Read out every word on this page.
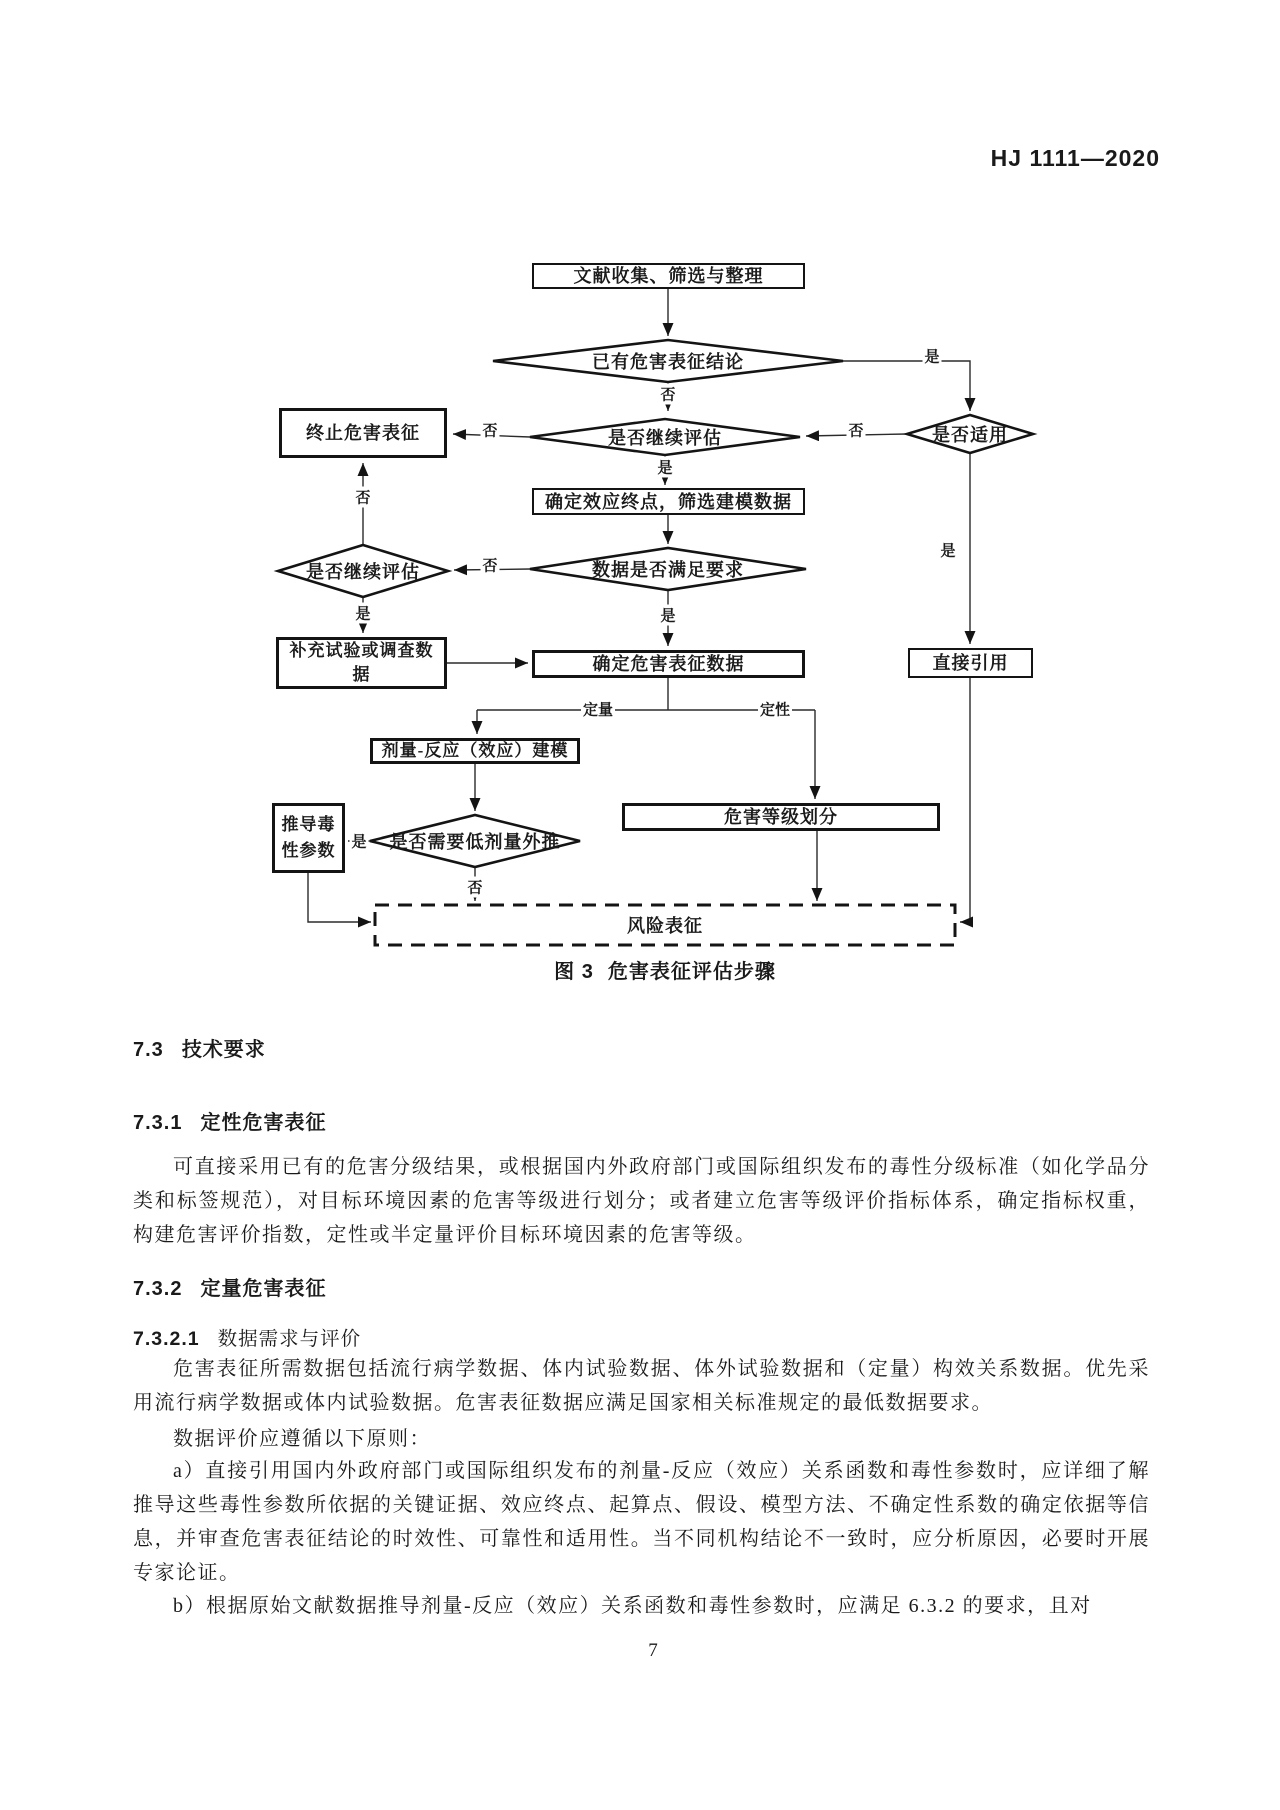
HJ 1111—2020
文献收集、筛选与整理
终止危害表征
确定效应终点，筛选建模数据
补充试验或调查数据
确定危害表征数据	直接引用
剂量-反应（效应）建模
危害等级划分
推导毒性参数
已有危害表征结论
是否适用
是否继续评估
数据是否满足要求
是否继续评估
是否需要低剂量外推
风险表征
否
是
否
否
是
否
否
是	是
定量	定性
是
是
否
图 3 危害表征评估步骤
7.3 技术要求
7.3.1 定性危害表征
可直接采用已有的危害分级结果，或根据国内外政府部门或国际组织发布的毒性分级标准（如化学品分类和标签规范），对目标环境因素的危害等级进行划分；或者建立危害等级评价指标体系，确定指标权重，构建危害评价指数，定性或半定量评价目标环境因素的危害等级。
7.3.2 定量危害表征
7.3.2.1 数据需求与评价
危害表征所需数据包括流行病学数据、体内试验数据、体外试验数据和（定量）构效关系数据。优先采用流行病学数据或体内试验数据。危害表征数据应满足国家相关标准规定的最低数据要求。
数据评价应遵循以下原则：
a）直接引用国内外政府部门或国际组织发布的剂量-反应（效应）关系函数和毒性参数时，应详细了解推导这些毒性参数所依据的关键证据、效应终点、起算点、假设、模型方法、不确定性系数的确定依据等信息，并审查危害表征结论的时效性、可靠性和适用性。当不同机构结论不一致时，应分析原因，必要时开展专家论证。
b）根据原始文献数据推导剂量-反应（效应）关系函数和毒性参数时，应满足 6.3.2 的要求，且对
7
